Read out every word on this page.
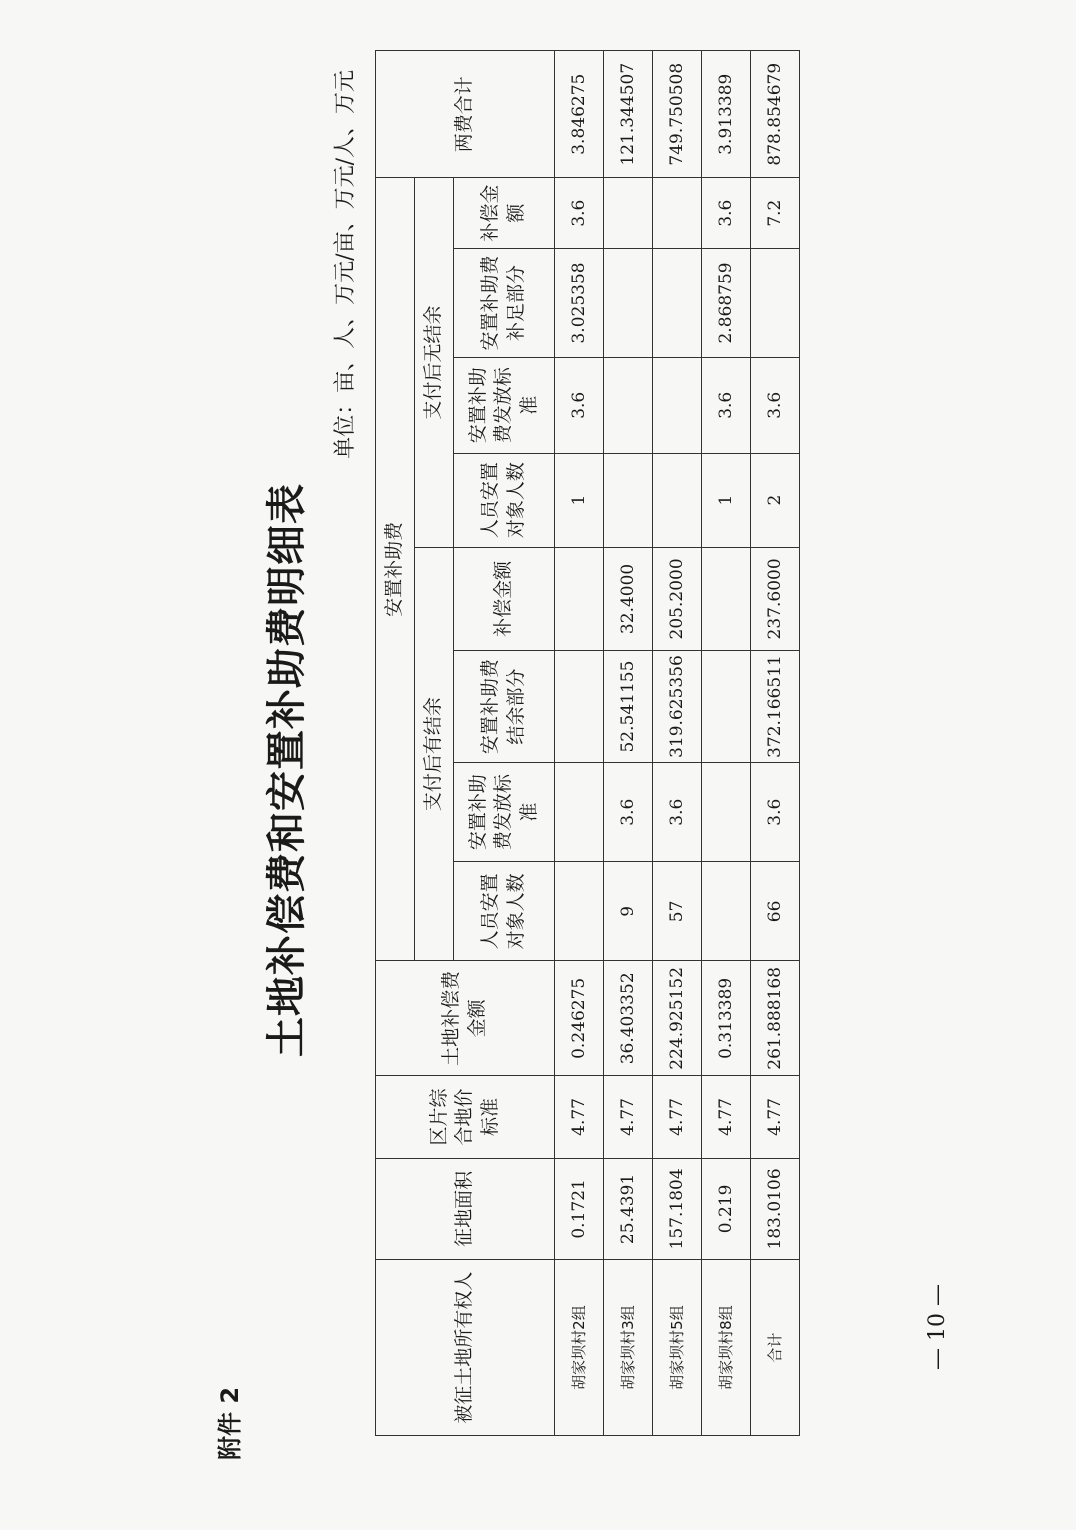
附件 2
土地补偿费和安置补助费明细表
单位：亩、人、万元/亩、万元/人、万元
被征土地所有权人	征地面积	区片综合地价标准	土地补偿费金额	安置补助费								两费合计
				支付后有结余				支付后无结余				
				人员安置对象人数	安置补助费发放标准	安置补助费结余部分	补偿金额	人员安置对象人数	安置补助费发放标准	安置补助费补足部分	补偿金额	
胡家坝村2组	0.1721	4.77	0.246275					1	3.6	3.025358	3.6	3.846275
胡家坝村3组	25.4391	4.77	36.403352	9	3.6	52.541155	32.4000					121.344507
胡家坝村5组	157.1804	4.77	224.925152	57	3.6	319.625356	205.2000					749.750508
胡家坝村8组	0.219	4.77	0.313389					1	3.6	2.868759	3.6	3.913389
合计	183.0106	4.77	261.888168	66	3.6	372.166511	237.6000	2	3.6		7.2	878.854679
— 10 —
